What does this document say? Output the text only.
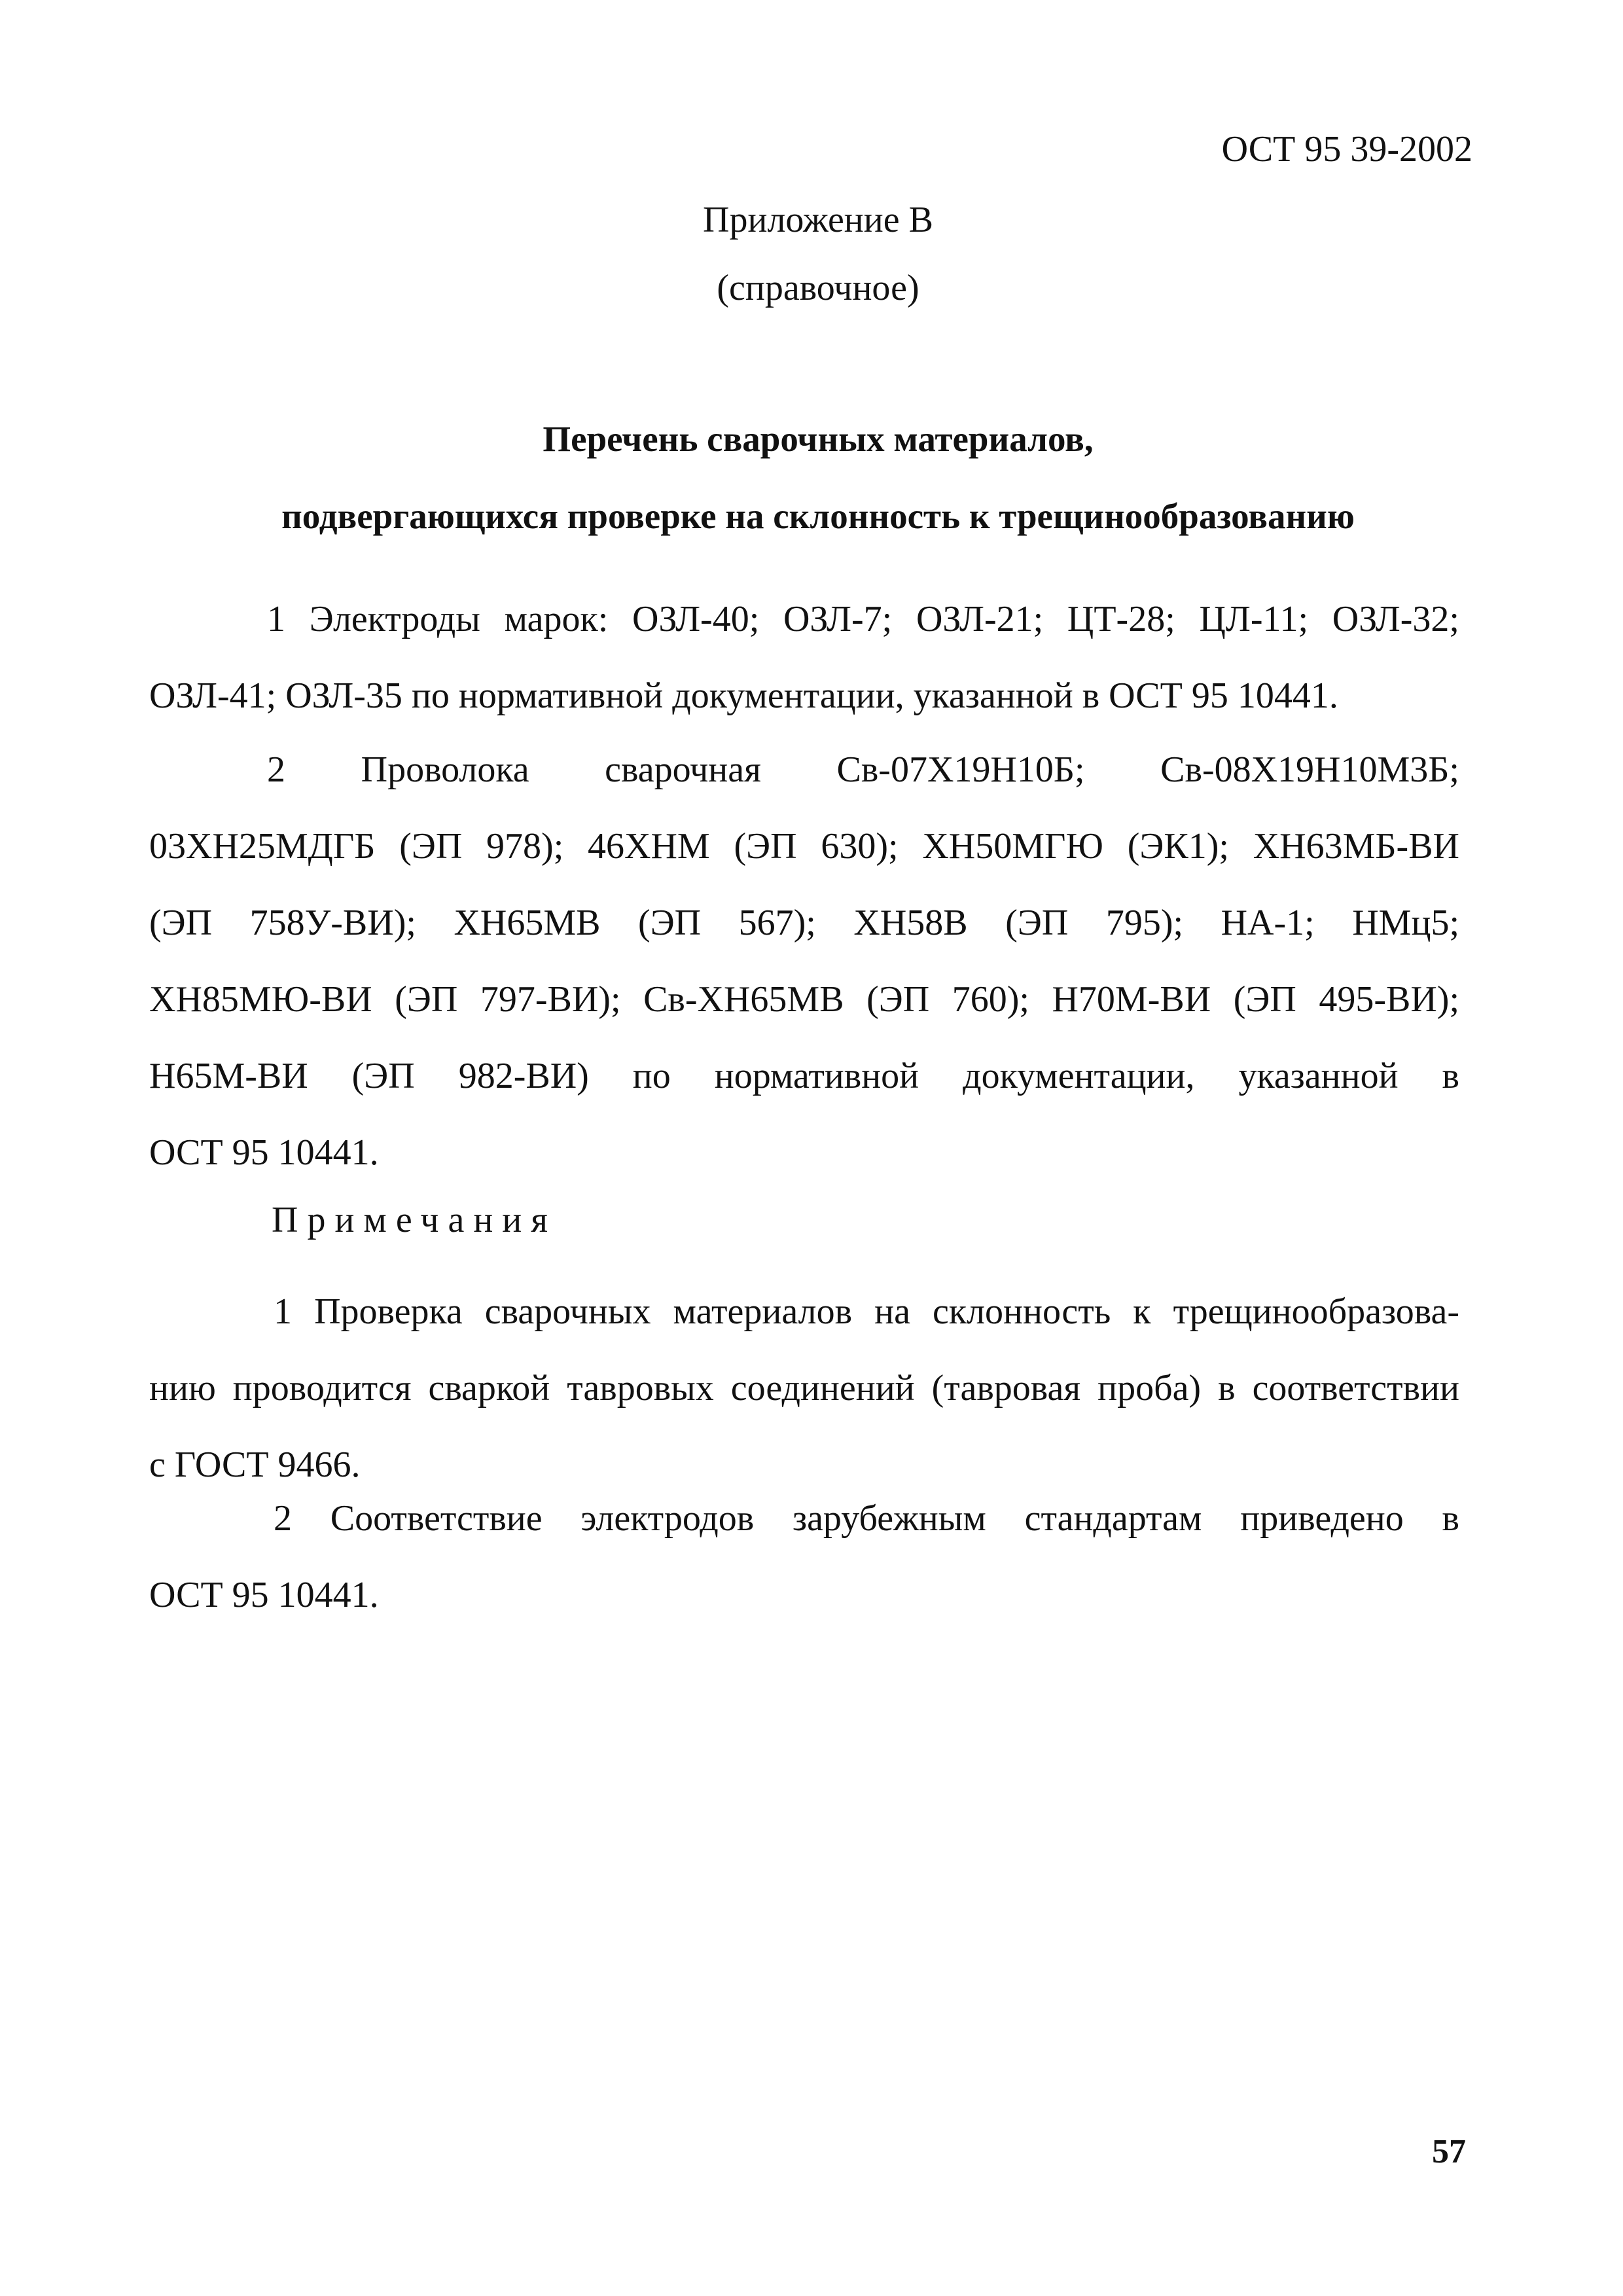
ОСТ 95 39-2002
Приложение В
(справочное)
Перечень сварочных материалов,
подвергающихся проверке на склонность к трещинообразованию
1 Электроды марок: ОЗЛ-40; ОЗЛ-7; ОЗЛ-21; ЦТ-28; ЦЛ-11; ОЗЛ-32;
ОЗЛ-41; ОЗЛ-35 по нормативной документации, указанной в ОСТ 95 10441.
2 Проволока сварочная Св-07Х19Н10Б; Св-08Х19Н10М3Б;
03ХН25МДГБ (ЭП 978); 46ХНМ (ЭП 630); ХН50МГЮ (ЭК1); ХН63МБ-ВИ
(ЭП 758У-ВИ); ХН65МВ (ЭП 567); ХН58В (ЭП 795); НА-1; НМц5;
ХН85МЮ-ВИ (ЭП 797-ВИ); Св-ХН65МВ (ЭП 760); Н70М-ВИ (ЭП 495-ВИ);
Н65М-ВИ (ЭП 982-ВИ) по нормативной документации, указанной в
ОСТ 95 10441.
Примечания
1 Проверка сварочных материалов на склонность к трещинообразова-
нию проводится сваркой тавровых соединений (тавровая проба) в соответствии
с ГОСТ 9466.
2 Соответствие электродов зарубежным стандартам приведено в
ОСТ 95 10441.
57
